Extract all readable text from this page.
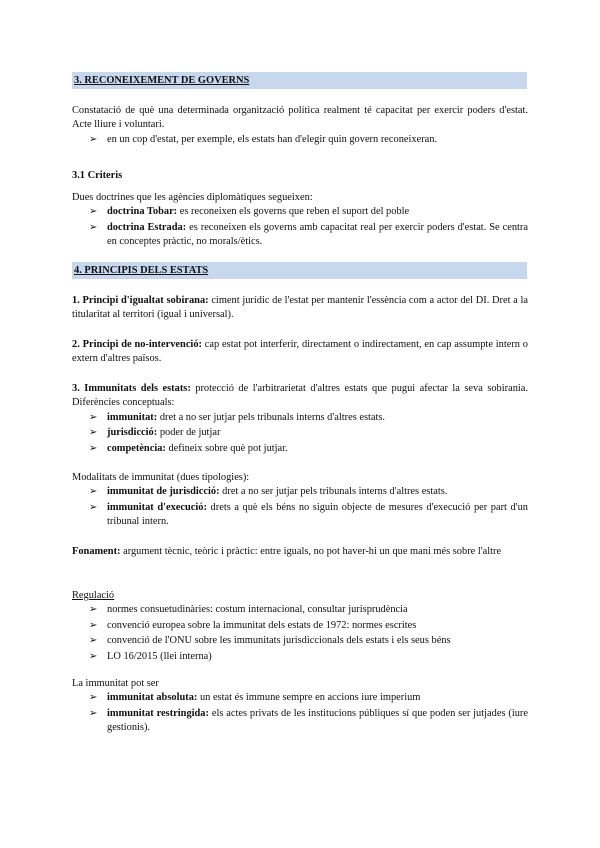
3. RECONEIXEMENT DE GOVERNS

Constatació de què una determinada organització política realment té capacitat per exercir poders d'estat. Acte lliure i voluntari.

➢ en un cop d'estat, per exemple, els estats han d'elegir quin govern reconeixeran.

3.1 Criteris

Dues doctrines que les agències diplomàtiques segueixen:

➢ doctrina Tobar: es reconeixen els governs que reben el suport del poble
➢ doctrina Estrada: es reconeixen els governs amb capacitat real per exercir poders d'estat. Se centra en conceptes pràctic, no morals/ètics.
4. PRINCIPIS DELS ESTATS

1. Principi d'igualtat sobirana: ciment jurídic de l'estat per mantenir l'essència com a actor del DI. Dret a la titularitat al territori (igual i universal).

2. Principi de no-intervenció: cap estat pot interferir, directament o indirectament, en cap assumpte intern o extern d'altres països.

3. Immunitats dels estats: protecció de l'arbitrarietat d'altres estats que pugui afectar la seva sobirania. Diferències conceptuals:

➢ immunitat: dret a no ser jutjar pels tribunals interns d'altres estats.
➢ jurisdicció: poder de jutjar
➢ competència: defineix sobre què pot jutjar.

Modalitats de immunitat (dues tipologies):

➢ immunitat de jurisdicció: dret a no ser jutjar pels tribunals interns d'altres estats.
➢ immunitat d'execució: drets a què els béns no siguin objecte de mesures d'execució per part d'un tribunal intern.

Fonament: argument tècnic, teòric i pràctic: entre iguals, no pot haver-hi un que mani més sobre l'altre

Regulació

➢ normes consuetudinàries: costum internacional, consultar jurisprudència
➢ convenció europea sobre la immunitat dels estats de 1972: normes escrites
➢ convenció de l'ONU sobre les immunitats jurisdiccionals dels estats i els seus béns
➢ LO 16/2015 (llei interna)

La immunitat pot ser

➢ immunitat absoluta: un estat és immune sempre en accions iure imperium
➢ immunitat restringida: els actes privats de les institucions públiques sí que poden ser jutjades (iure gestionis).
